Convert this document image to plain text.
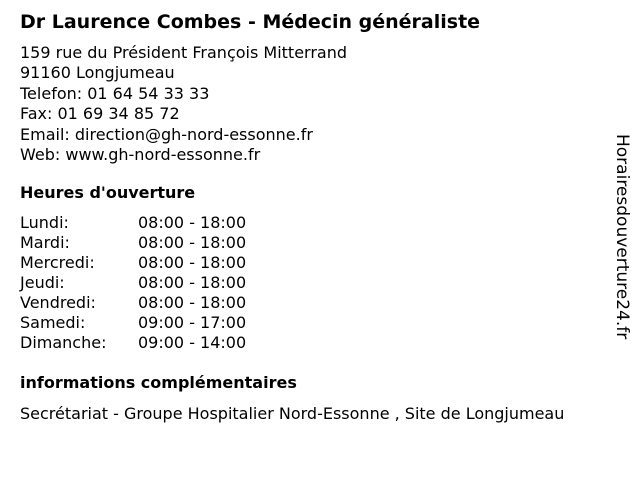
Dr Laurence Combes - Médecin généraliste
159 rue du Président François Mitterrand
91160 Longjumeau
Telefon: 01 64 54 33 33
Fax: 01 69 34 85 72
Email: direction@gh-nord-essonne.fr
Web: www.gh-nord-essonne.fr
Heures d'ouverture
Lundi:	08:00 - 18:00
Mardi:	08:00 - 18:00
Mercredi:	08:00 - 18:00
Jeudi:	08:00 - 18:00
Vendredi:	08:00 - 18:00
Samedi:	09:00 - 17:00
Dimanche: 09:00 - 14:00
informations complémentaires
Secrétariat - Groupe Hospitalier Nord-Essonne , Site de Longjumeau
Horairesdouverture24.fr
